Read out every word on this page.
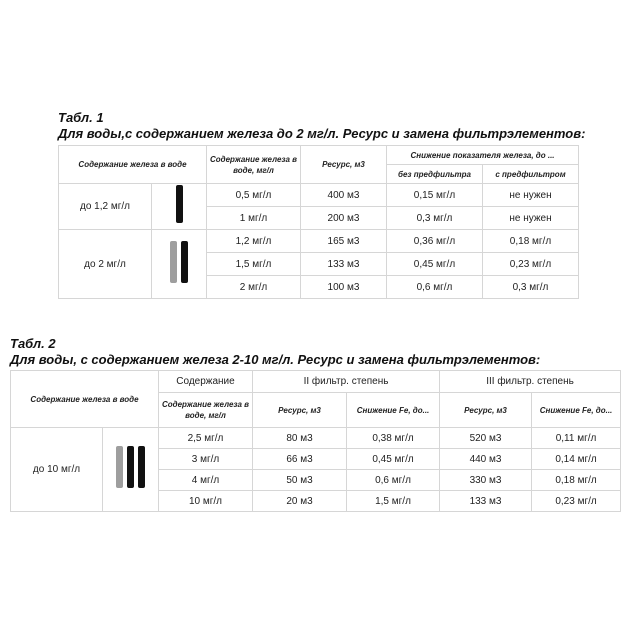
Табл. 1
Для воды,с содержанием железа до 2 мг/л. Ресурс и замена фильтрэлементов:
Содержание железа в воде		Содержание железа в воде, мг/л	Ресурс, м3	Снижение показателя железа, до ...	
				без предфильтра	с предфильтром
до 1,2 мг/л		0,5 мг/л	400 м3	0,15 мг/л	не нужен
		1 мг/л	200 м3	0,3 мг/л	не нужен
до 2 мг/л		1,2 мг/л	165 м3	0,36 мг/л	0,18 мг/л
		1,5 мг/л	133 м3	0,45 мг/л	0,23 мг/л
		2 мг/л	100 м3	0,6 мг/л	0,3 мг/л
Табл. 2
Для воды, с содержанием железа 2-10 мг/л. Ресурс и замена фильтрэлементов:
Содержание железа в воде		Содержание	II фильтр. степень		III фильтр. степень	
		Содержание железа в воде, мг/л	Ресурс, м3	Снижение Fe, до...	Ресурс, м3	Снижение Fe, до...
до 10 мг/л		2,5 мг/л	80 м3	0,38 мг/л	520 м3	0,11 мг/л
		3 мг/л	66 м3	0,45 мг/л	440 м3	0,14 мг/л
		4 мг/л	50 м3	0,6 мг/л	330 м3	0,18 мг/л
		10 мг/л	20 м3	1,5 мг/л	133 м3	0,23 мг/л
